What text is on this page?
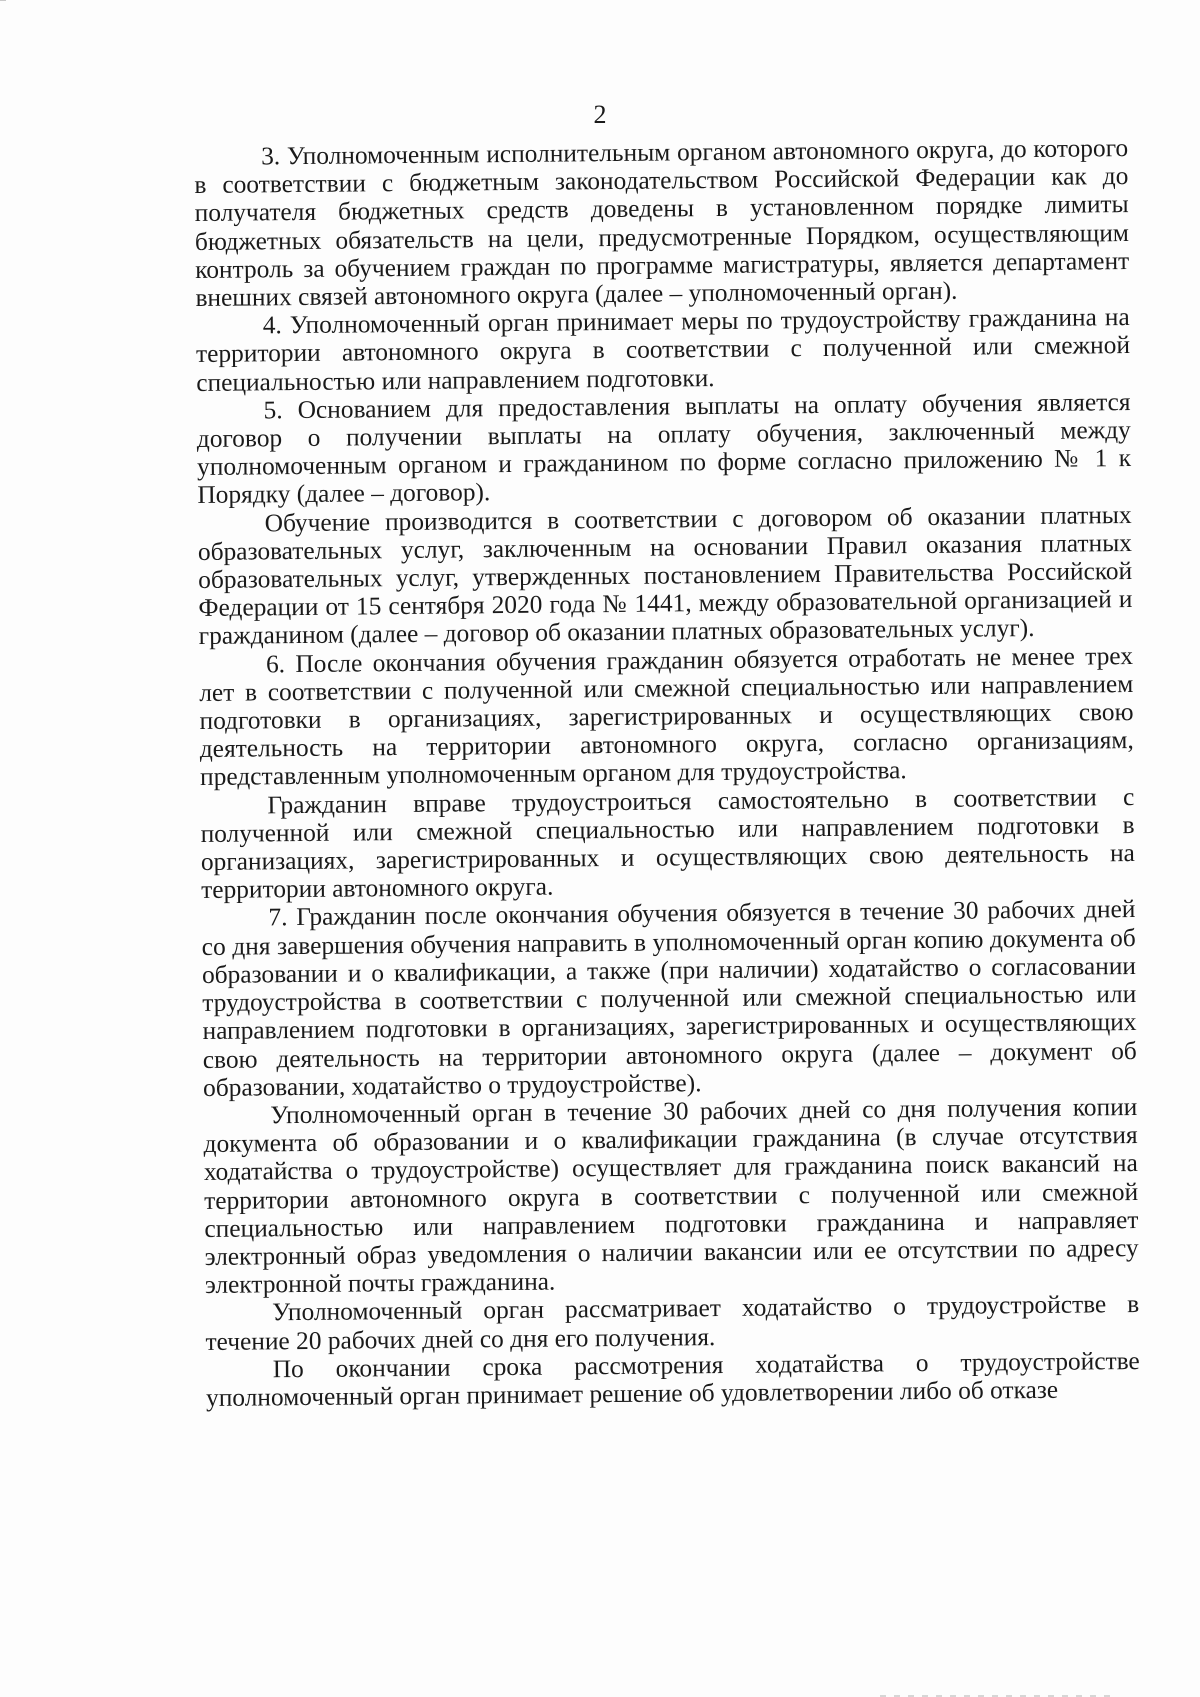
2

3. Уполномоченным исполнительным органом автономного округа, до которого в соответствии с бюджетным законодательством Российской Федерации как до получателя бюджетных средств доведены в установленном порядке лимиты бюджетных обязательств на цели, предусмотренные Порядком, осуществляющим контроль за обучением граждан по программе магистратуры, является департамент внешних связей автономного округа (далее – уполномоченный орган).

4. Уполномоченный орган принимает меры по трудоустройству гражданина на территории автономного округа в соответствии с полученной или смежной специальностью или направлением подготовки.

5. Основанием для предоставления выплаты на оплату обучения является договор о получении выплаты на оплату обучения, заключенный между уполномоченным органом и гражданином по форме согласно приложению № 1 к Порядку (далее – договор).

Обучение производится в соответствии с договором об оказании платных образовательных услуг, заключенным на основании Правил оказания платных образовательных услуг, утвержденных постановлением Правительства Российской Федерации от 15 сентября 2020 года № 1441, между образовательной организацией и гражданином (далее – договор об оказании платных образовательных услуг).

6. После окончания обучения гражданин обязуется отработать не менее трех лет в соответствии с полученной или смежной специальностью или направлением подготовки в организациях, зарегистрированных и осуществляющих свою деятельность на территории автономного округа, согласно организациям, представленным уполномоченным органом для трудоустройства.

Гражданин вправе трудоустроиться самостоятельно в соответствии с полученной или смежной специальностью или направлением подготовки в организациях, зарегистрированных и осуществляющих свою деятельность на территории автономного округа.

7. Гражданин после окончания обучения обязуется в течение 30 рабочих дней со дня завершения обучения направить в уполномоченный орган копию документа об образовании и о квалификации, а также (при наличии) ходатайство о согласовании трудоустройства в соответствии с полученной или смежной специальностью или направлением подготовки в организациях, зарегистрированных и осуществляющих свою деятельность на территории автономного округа (далее – документ об образовании, ходатайство о трудоустройстве).

Уполномоченный орган в течение 30 рабочих дней со дня получения копии документа об образовании и о квалификации гражданина (в случае отсутствия ходатайства о трудоустройстве) осуществляет для гражданина поиск вакансий на территории автономного округа в соответствии с полученной или смежной специальностью или направлением подготовки гражданина и направляет электронный образ уведомления о наличии вакансии или ее отсутствии по адресу электронной почты гражданина.

Уполномоченный орган рассматривает ходатайство о трудоустройстве в течение 20 рабочих дней со дня его получения.

По окончании срока рассмотрения ходатайства о трудоустройстве уполномоченный орган принимает решение об удовлетворении либо об отказе
